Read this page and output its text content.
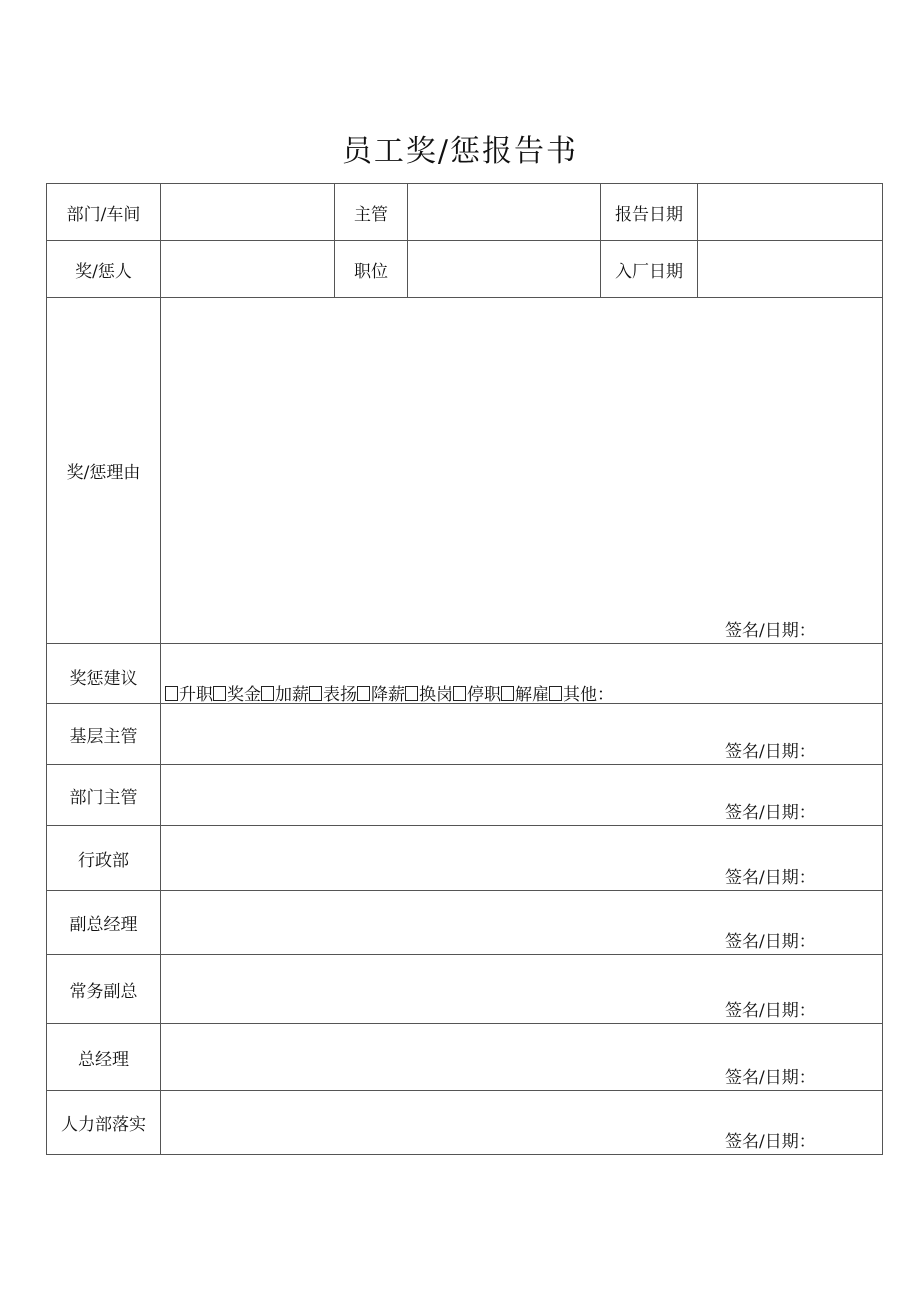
员工奖/惩报告书
部门/车间		主管		报告日期	
奖/惩人		职位		入厂日期	
奖/惩理由	签名/日期：				

奖惩建议	升职 奖金 加薪 表扬 降薪 换岗 停职 解雇 其他：				

基层主管	签名/日期：				

部门主管	签名/日期：				

行政部	签名/日期：				

副总经理	签名/日期：				

常务副总	签名/日期：				

总经理	签名/日期：				

人力部落实	签名/日期：				
